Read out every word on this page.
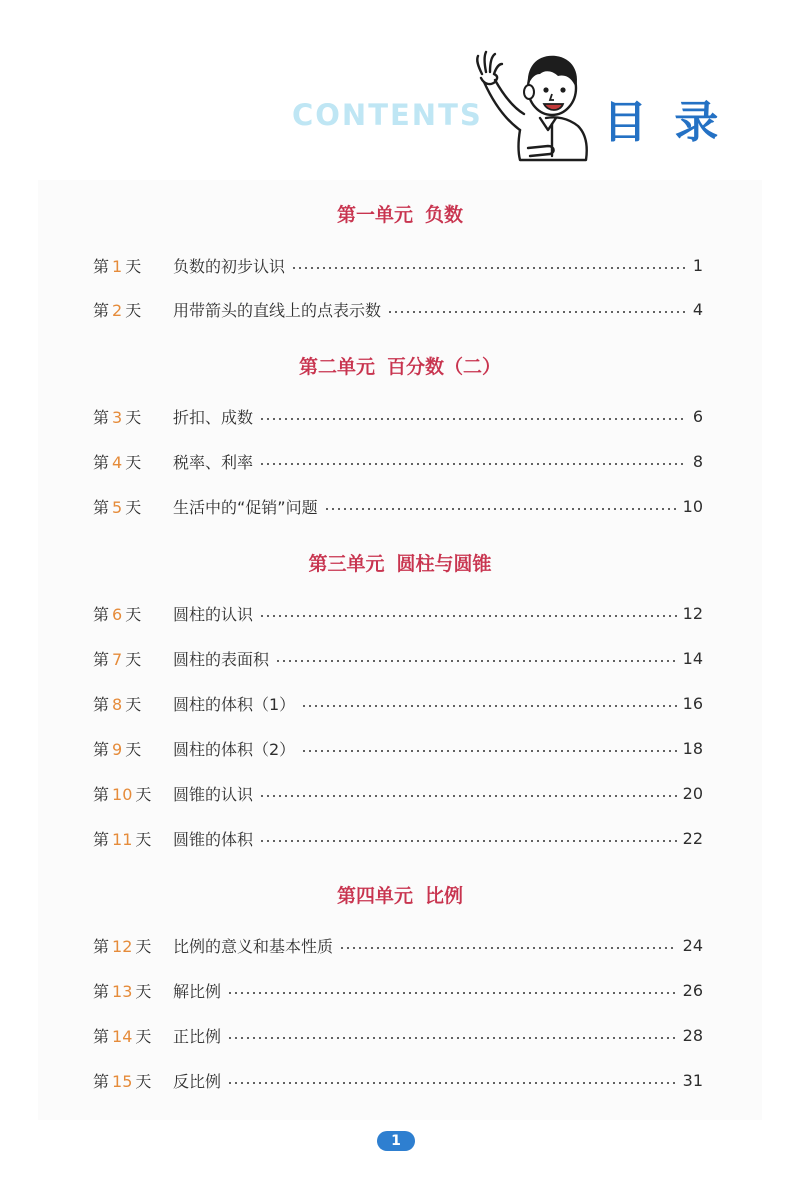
CONTENTS	目 录
第一单元 负数
第 1 天	负数的初步认识	1
第 2 天	用带箭头的直线上的点表示数	4
第二单元 百分数（二）
第 3 天	折扣、成数	6
第 4 天	税率、利率	8
第 5 天	生活中的“促销”问题	10
第三单元 圆柱与圆锥
第 6 天	圆柱的认识	12
第 7 天	圆柱的表面积	14
第 8 天	圆柱的体积（1）	16
第 9 天	圆柱的体积（2）	18
第 10 天	圆锥的认识	20
第 11 天	圆锥的体积	22
第四单元 比例
第 12 天	比例的意义和基本性质	24
第 13 天	解比例	26
第 14 天	正比例	28
第 15 天	反比例	31
1
